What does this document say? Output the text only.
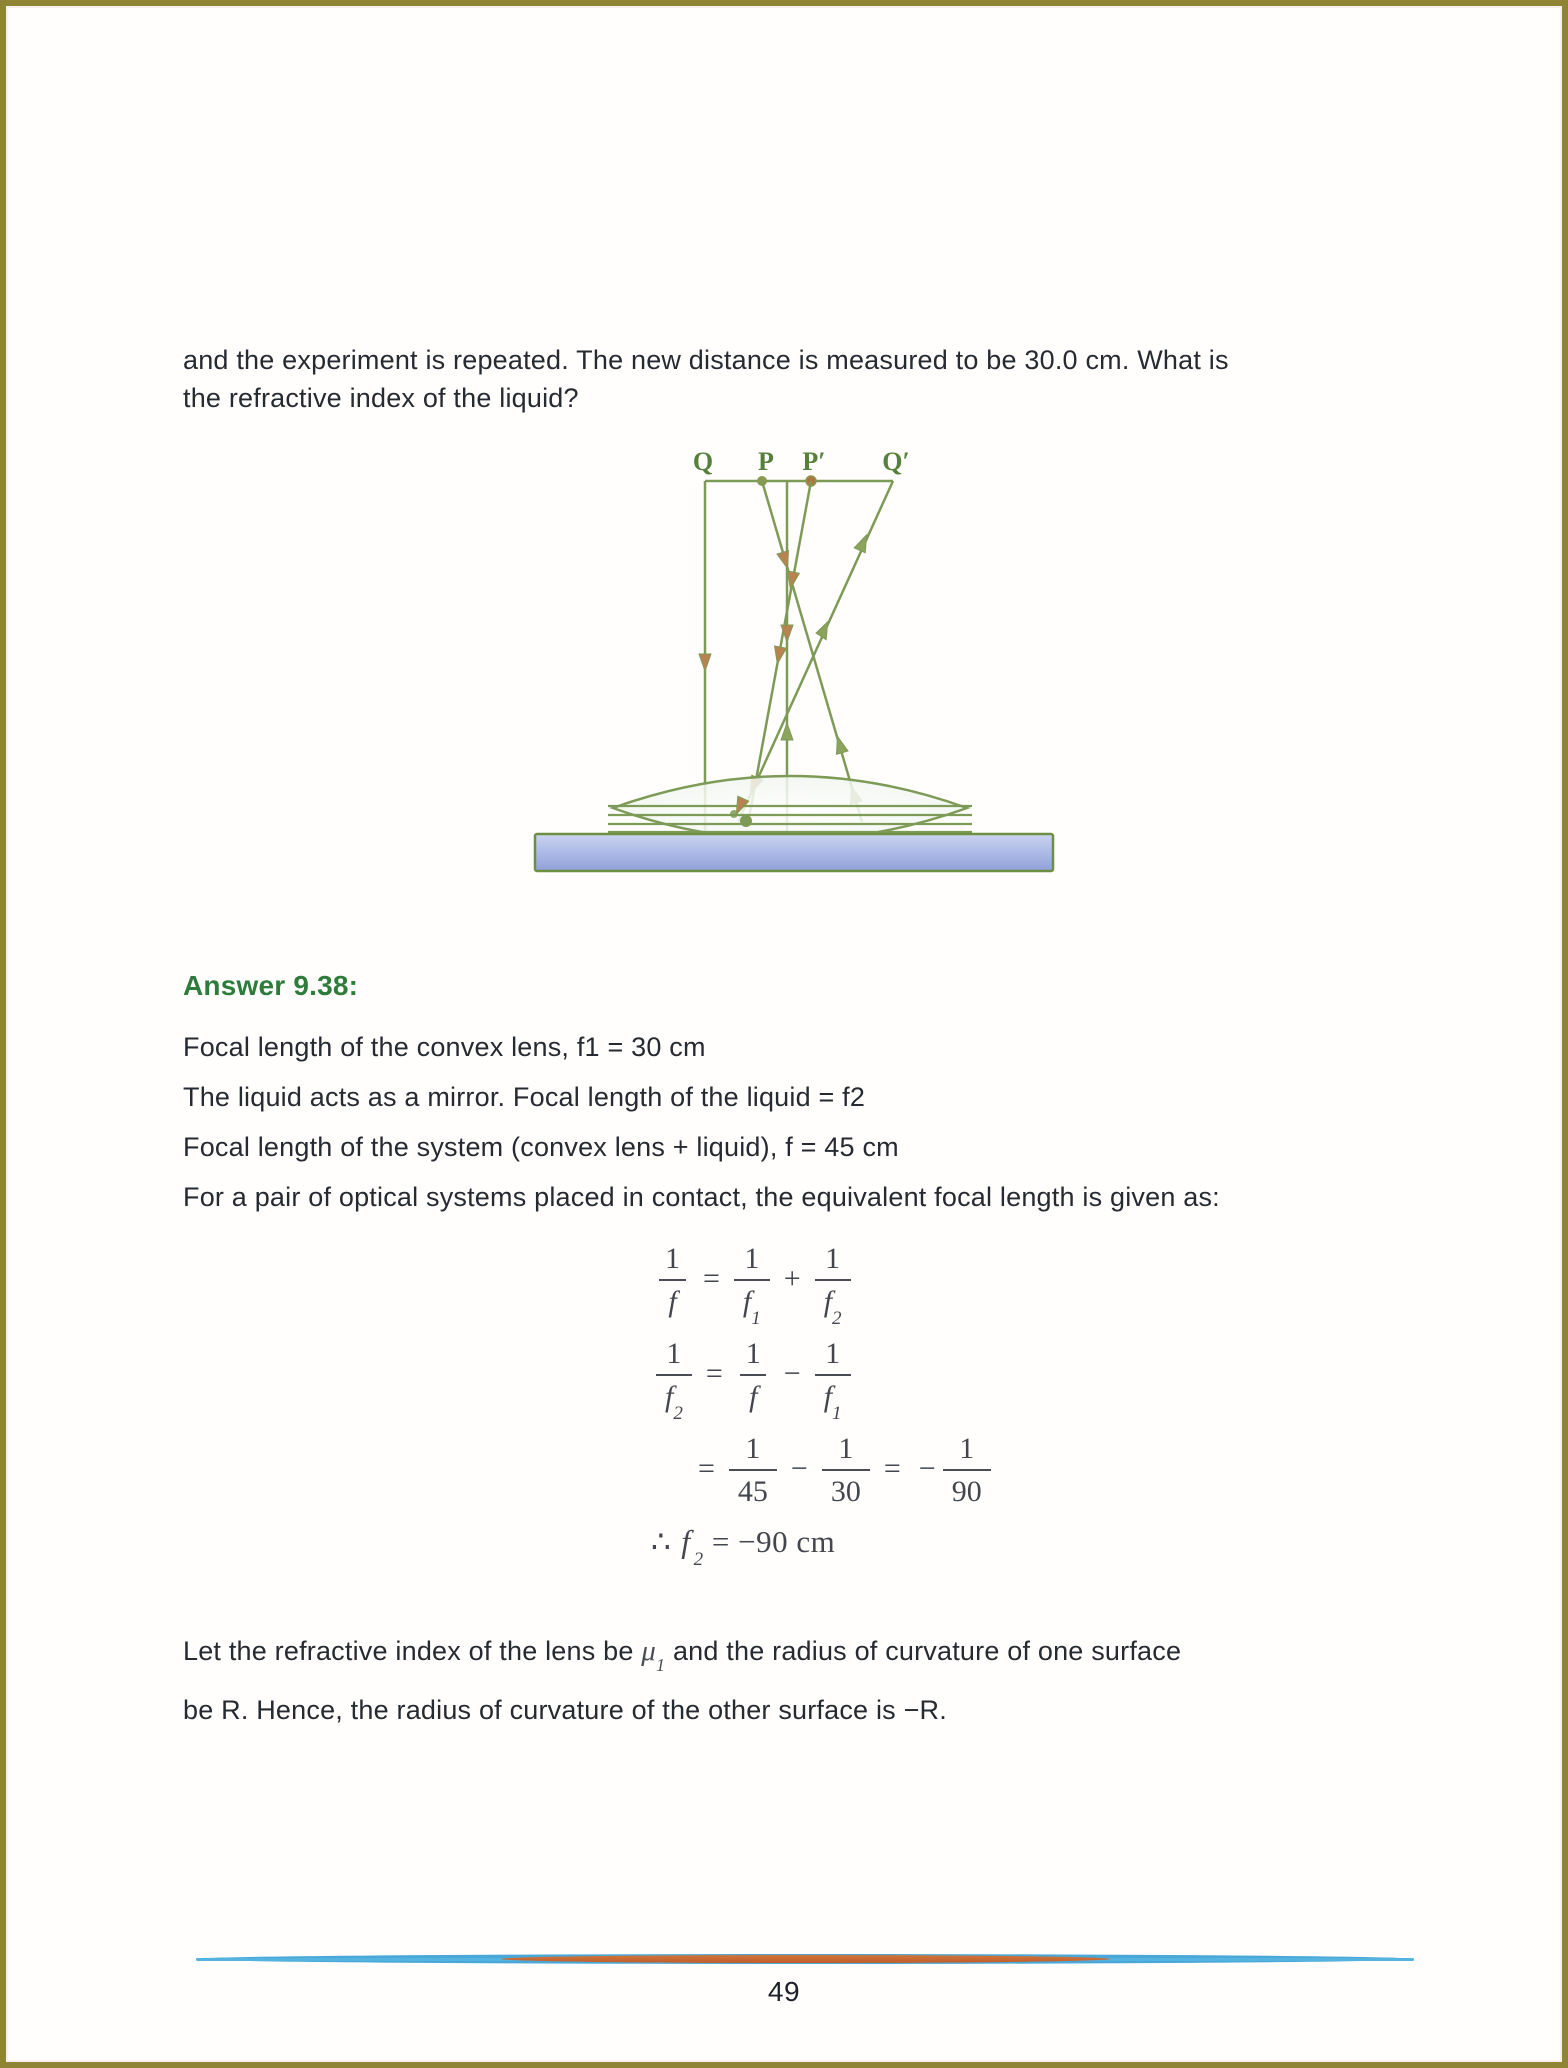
and the experiment is repeated. The new distance is measured to be 30.0 cm. What is
the refractive index of the liquid?

Q P P′ Q′
Answer 9.38:

Focal length of the convex lens, f1 = 30 cm

The liquid acts as a mirror. Focal length of the liquid = f2

Focal length of the system (convex lens + liquid), f = 45 cm

For a pair of optical systems placed in contact, the equivalent focal length is given as:

$\frac{1}{f} = \frac{1}{f_1} + \frac{1}{f_2}$
$\frac{1}{f_2} = \frac{1}{f} - \frac{1}{f_1}$
= $\frac{1}{45} - \frac{1}{30}$ = − $\frac{1}{90}$
∴ $f_2 = -90$ cm

Let the refractive index of the lens be $\mu_1$ and the radius of curvature of one surface
be R. Hence, the radius of curvature of the other surface is −R.

49
